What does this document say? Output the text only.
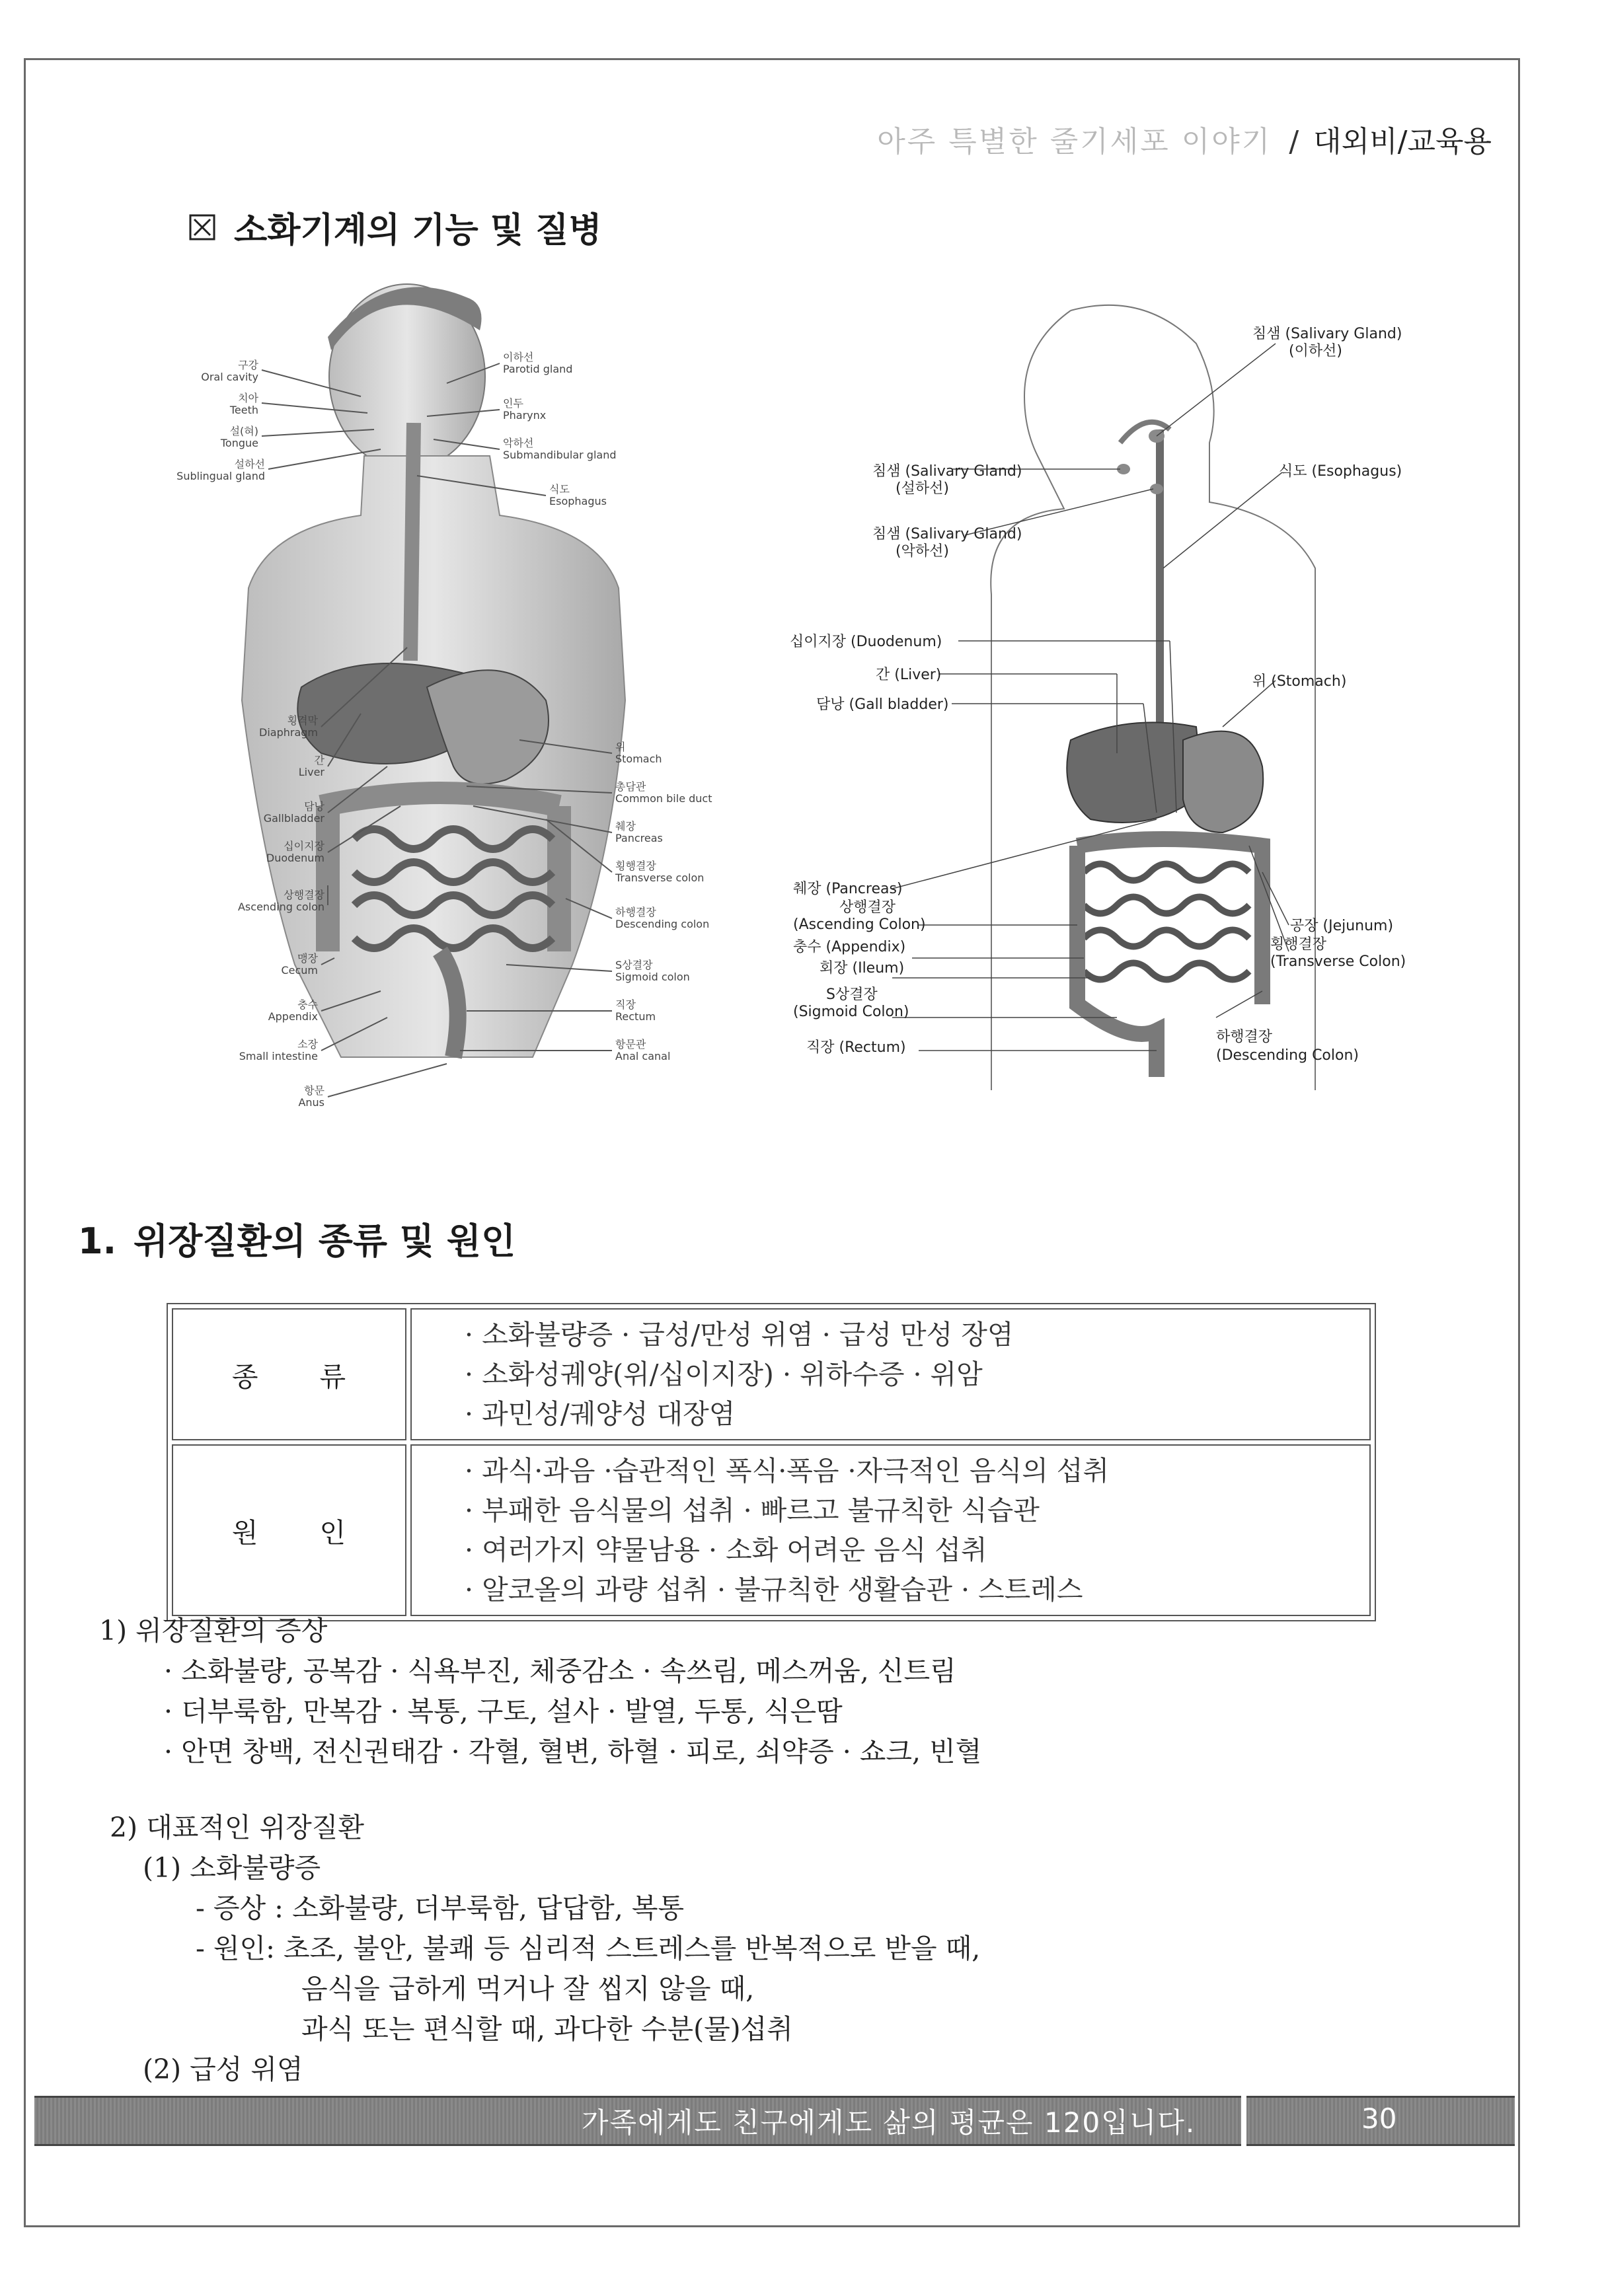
아주 특별한 줄기세포 이야기 / 대외비/교육용
소화기계의 기능 및 질병
구강
Oral cavity
치아
Teeth
설(혀)
Tongue
설하선
Sublingual gland
횡격막
Diaphragm
간
Liver
담낭
Gallbladder
십이지장
Duodenum
상행결장
Ascending colon
맹장
Cecum
충수
Appendix
소장
Small intestine
항문
Anus
이하선
Parotid gland
인두
Pharynx
악하선
Submandibular gland
식도
Esophagus
위
Stomach
총담관
Common bile duct
췌장
Pancreas
횡행결장
Transverse colon
하행결장
Descending colon
S상결장
Sigmoid colon
직장
Rectum
항문관
Anal canal
침샘 (Salivary Gland)
(이하선)
침샘 (Salivary Gland)
(설하선)
침샘 (Salivary Gland)
(악하선)
식도 (Esophagus)
십이지장 (Duodenum)
간 (Liver)
담낭 (Gall bladder)
위 (Stomach)
췌장 (Pancreas)
상행결장
(Ascending Colon)
충수 (Appendix)
회장 (Ileum)
S상결장
(Sigmoid Colon)
직장 (Rectum)
공장 (Jejunum)
횡행결장
(Transverse Colon)
하행결장
(Descending Colon)
1. 위장질환의 종류 및 원인
종 류	· 소화불량증 · 급성/만성 위염 · 급성 만성 장염
· 소화성궤양(위/십이지장) · 위하수증 · 위암
· 과민성/궤양성 대장염

원 인	· 과식·과음 ·습관적인 폭식·폭음 ·자극적인 음식의 섭취
· 부패한 음식물의 섭취 · 빠르고 불규칙한 식습관
· 여러가지 약물남용 · 소화 어려운 음식 섭취
· 알코올의 과량 섭취 · 불규칙한 생활습관 · 스트레스
1) 위장질환의 증상
· 소화불량, 공복감 · 식욕부진, 체중감소 · 속쓰림, 메스꺼움, 신트림
· 더부룩함, 만복감 · 복통, 구토, 설사 · 발열, 두통, 식은땀
· 안면 창백, 전신권태감 · 각혈, 혈변, 하혈 · 피로, 쇠약증 · 쇼크, 빈혈
2) 대표적인 위장질환
(1) 소화불량증
- 증상 : 소화불량, 더부룩함, 답답함, 복통
- 원인: 초조, 불안, 불쾌 등 심리적 스트레스를 반복적으로 받을 때,
음식을 급하게 먹거나 잘 씹지 않을 때,
과식 또는 편식할 때, 과다한 수분(물)섭취
(2) 급성 위염
가족에게도 친구에게도 삶의 평균은 120입니다.	30
